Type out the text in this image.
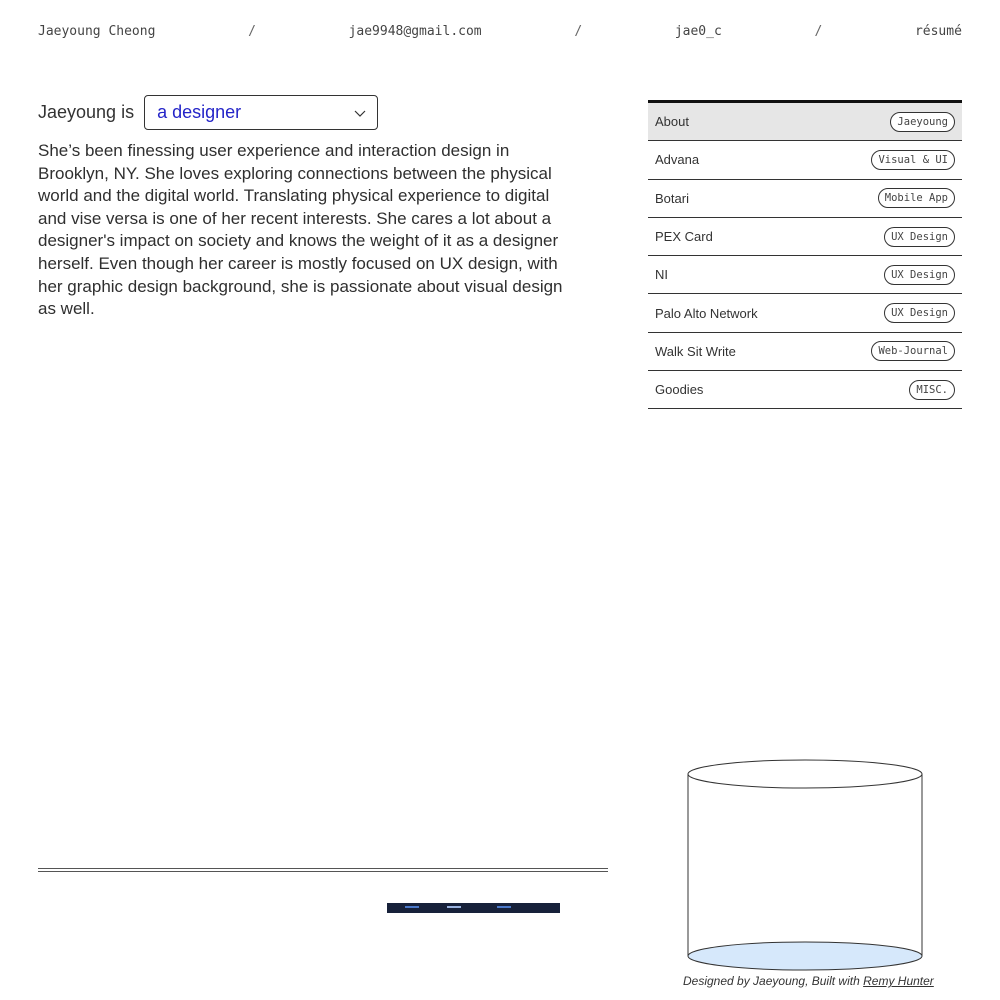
Jaeyoung Cheong	/	jae9948@gmail.com	/	jae0_c	/	résumé
Jaeyoung is a designer

She’s been finessing user experience and interaction design in Brooklyn, NY. She loves exploring connections between the physical world and the digital world. Translating physical experience to digital and vise versa is one of her recent interests. She cares a lot about a designer's impact on society and knows the weight of it as a designer herself. Even though her career is mostly focused on UX design, with her graphic design background, she is passionate about visual design as well.

About	Jaeyoung
Advana	Visual & UI
Botari	Mobile App
PEX Card	UX Design
NI	UX Design
Palo Alto Network	UX Design
Walk Sit Write	Web-Journal
Goodies	MISC.
Designed by Jaeyoung, Built with Remy Hunter
